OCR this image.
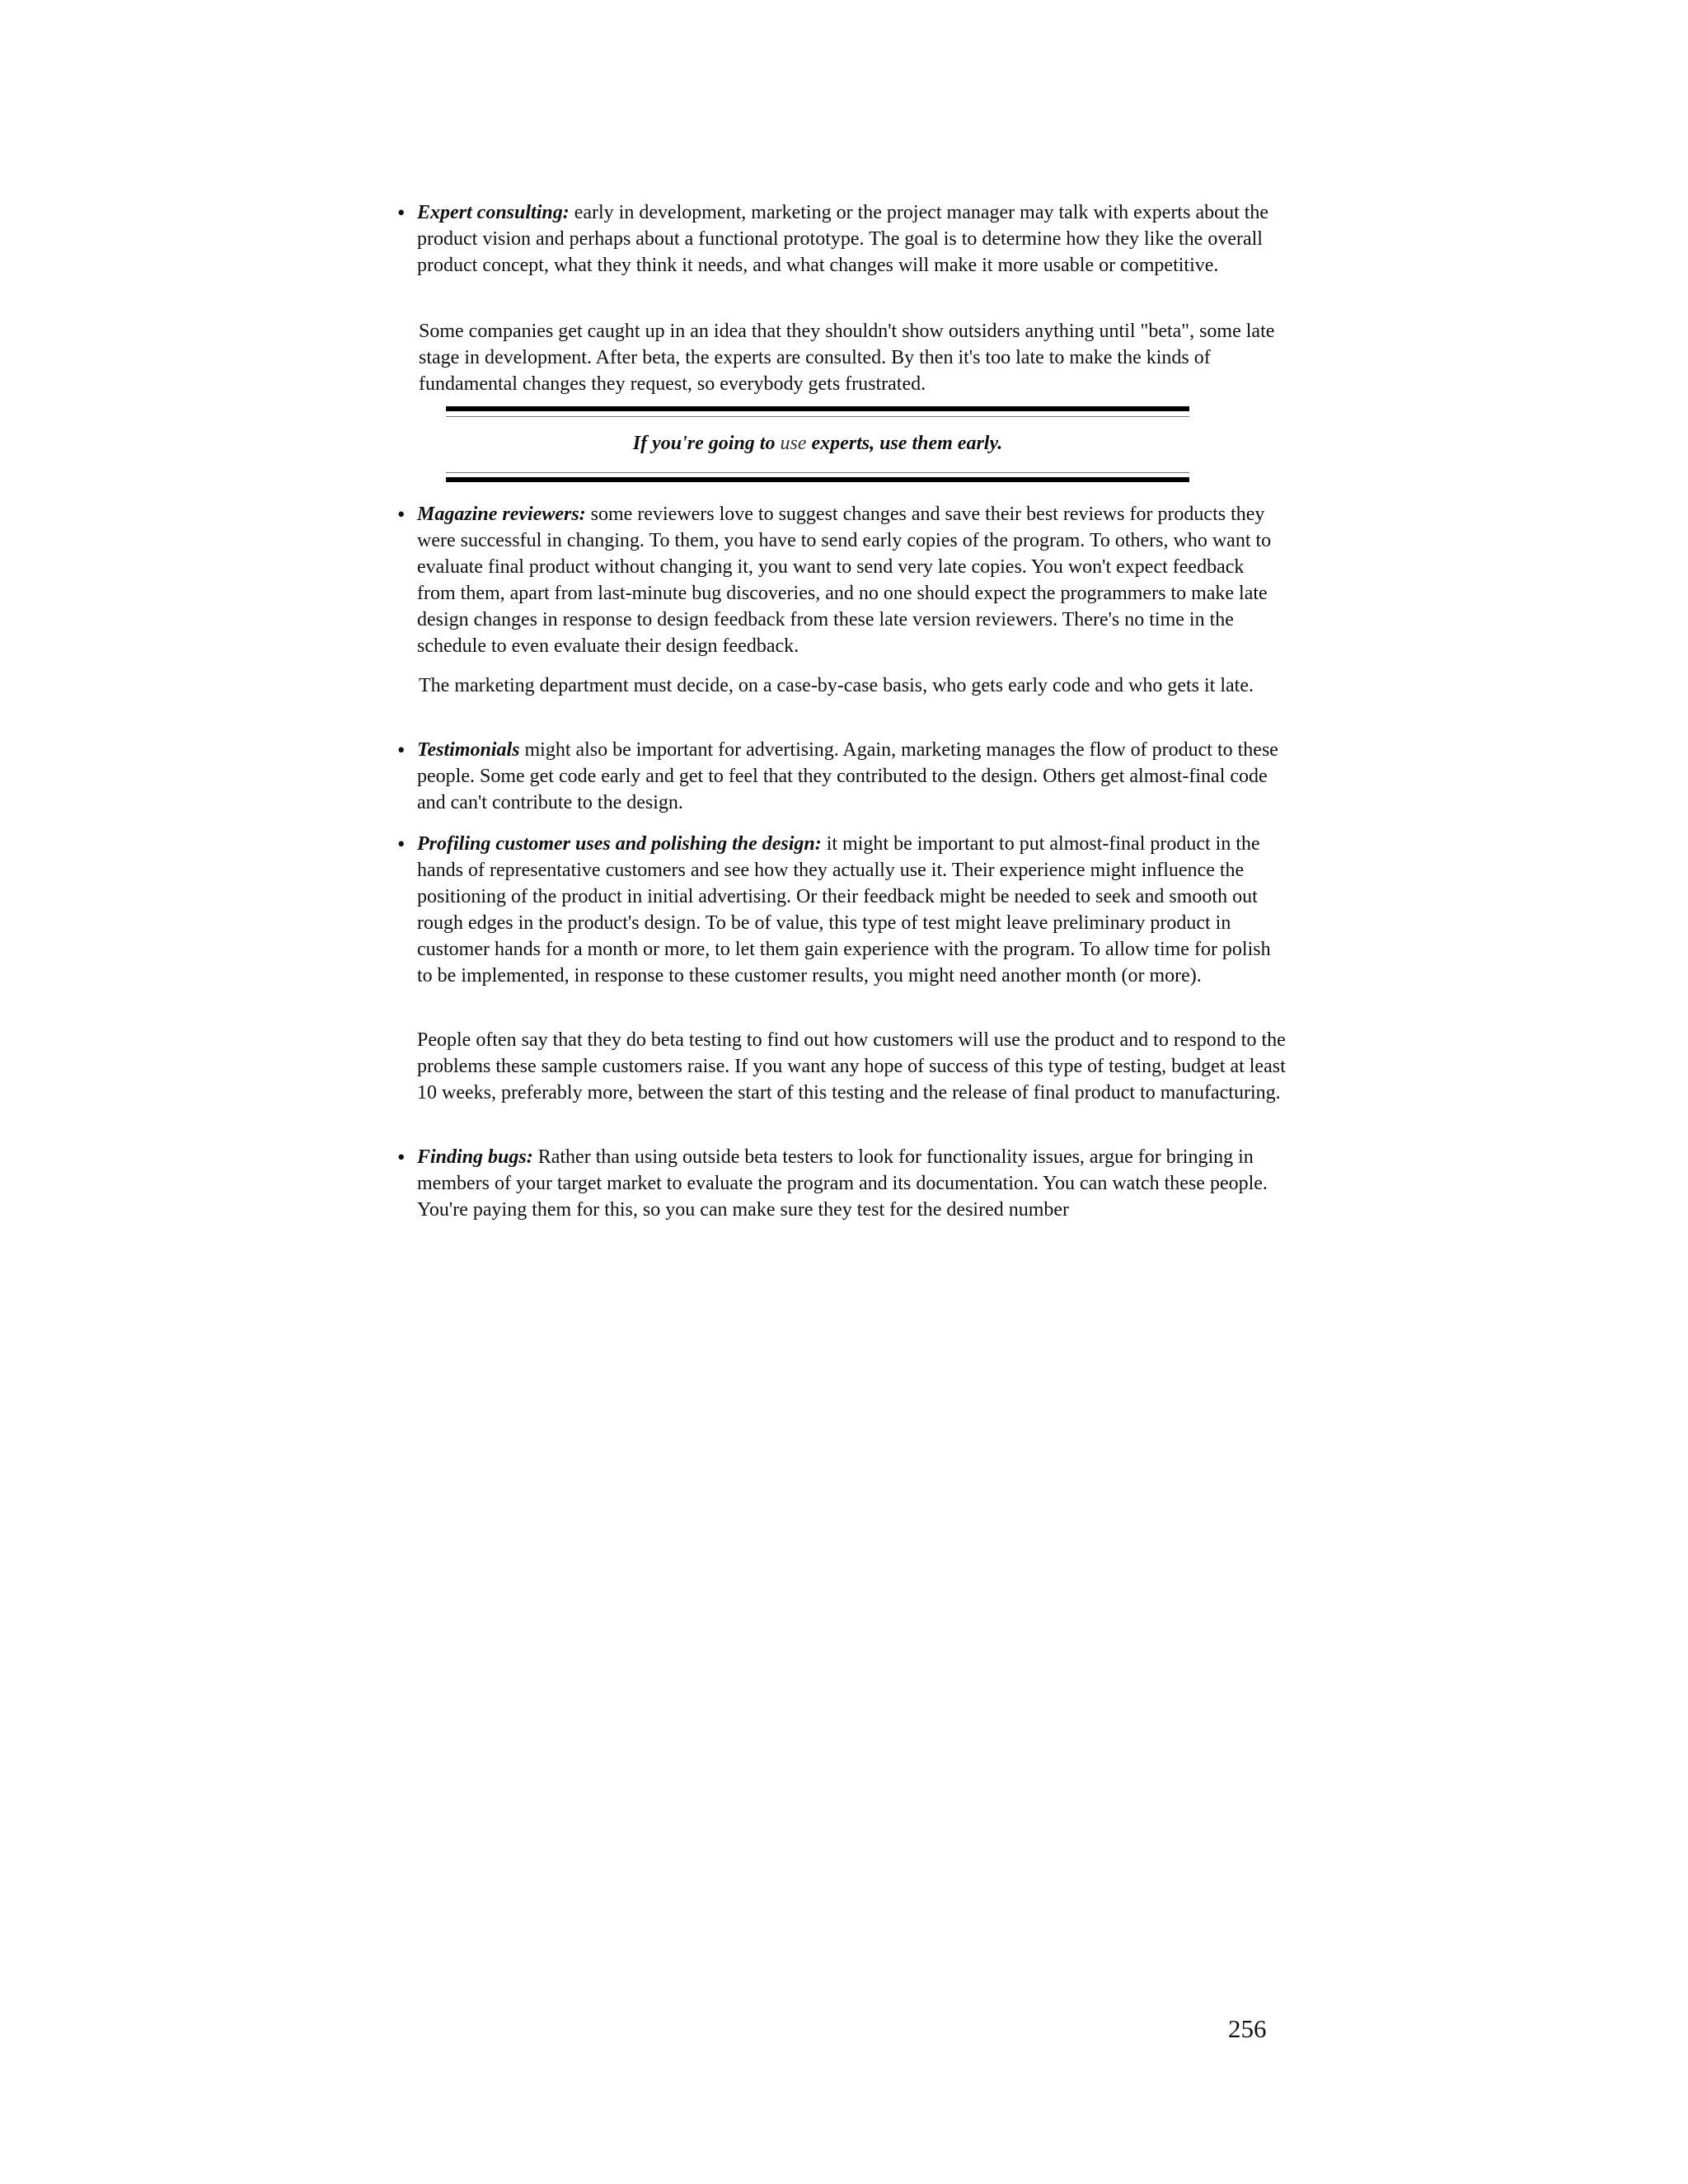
• Expert consulting: early in development, marketing or the project manager may talk with experts about the product vision and perhaps about a functional prototype. The goal is to determine how they like the overall product concept, what they think it needs, and what changes will make it more usable or competitive.

Some companies get caught up in an idea that they shouldn't show outsiders anything until "beta", some late stage in development. After beta, the experts are consulted. By then it's too late to make the kinds of fundamental changes they request, so everybody gets frustrated.

If you're going to use experts, use them early.

• Magazine reviewers: some reviewers love to suggest changes and save their best reviews for products they were successful in changing. To them, you have to send early copies of the program. To others, who want to evaluate final product without changing it, you want to send very late copies. You won't expect feedback from them, apart from last-minute bug discoveries, and no one should expect the programmers to make late design changes in response to design feedback from these late version reviewers. There's no time in the schedule to even evaluate their design feedback.

The marketing department must decide, on a case-by-case basis, who gets early code and who gets it late.

• Testimonials might also be important for advertising. Again, marketing manages the flow of product to these people. Some get code early and get to feel that they contributed to the design. Others get almost-final code and can't contribute to the design.

• Profiling customer uses and polishing the design: it might be important to put almost-final product in the hands of representative customers and see how they actually use it. Their experience might influence the positioning of the product in initial advertising. Or their feedback might be needed to seek and smooth out rough edges in the product's design. To be of value, this type of test might leave preliminary product in customer hands for a month or more, to let them gain experience with the program. To allow time for polish to be implemented, in response to these customer results, you might need another month (or more).

People often say that they do beta testing to find out how customers will use the product and to respond to the problems these sample customers raise. If you want any hope of success of this type of testing, budget at least 10 weeks, preferably more, between the start of this testing and the release of final product to manufacturing.

• Finding bugs: Rather than using outside beta testers to look for functionality issues, argue for bringing in members of your target market to evaluate the program and its documentation. You can watch these people. You're paying them for this, so you can make sure they test for the desired number

256
